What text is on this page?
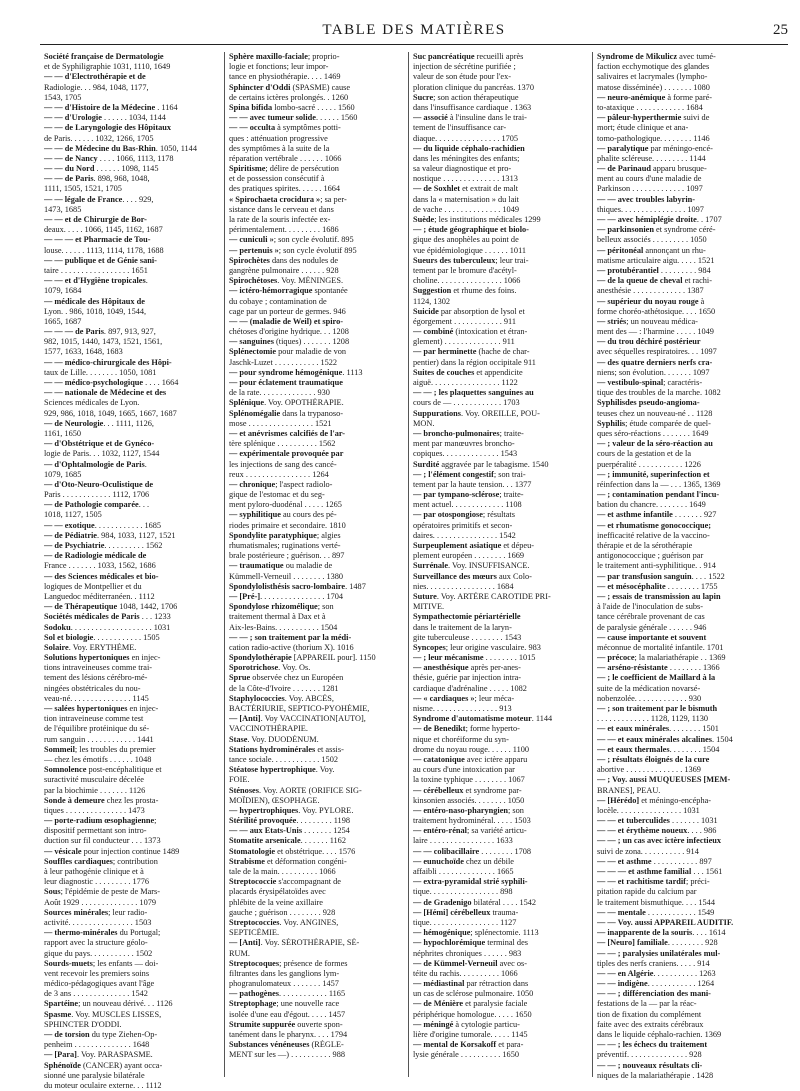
TABLE DES MATIÈRES	25
Société française de Dermatologie
et de Syphiligraphie 1031, 1110, 1649
— — d'Electrothérapie et de
Radiologie. . . 984, 1048, 1177,
1543, 1705
— — d'Histoire de la Médecine . 1164
— — d'Urologie . . . . . . 1034, 1144
— — de Laryngologie des Hôpitaux
de Paris. . . . . . 1032, 1266, 1705
— — de Médecine du Bas-Rhin. 1050, 1144
— — de Nancy . . . . 1066, 1113, 1178
— — du Nord . . . . . . 1098, 1145
— — de Paris. 898, 968, 1048,
1111, 1505, 1521, 1705
— — légale de France. . . . 929,
1473, 1685
— — et de Chirurgie de Bor-
deaux. . . . . 1066, 1145, 1162, 1687
— — — et Pharmacie de Tou-
louse. . . . . . 1113, 1114, 1178, 1688
— — publique et de Génie sani-
taire . . . . . . . . . . . . . . . . . 1651
— — et d'Hygiène tropicales.
1079, 1684
— médicale des Hôpitaux de
Lyon. . 986, 1018, 1049, 1544,
1665, 1687
— — — de Paris. 897, 913, 927,
982, 1015, 1440, 1473, 1521, 1561,
1577, 1633, 1648, 1683
— — médico-chirurgicale des Hôpi-
taux de Lille. . . . . . . . 1050, 1081
— — médico-psychologique . . . . 1664
— — nationale de Médecine et des
Sciences médicales de Lyon.
929, 986, 1018, 1049, 1665, 1667, 1687
— de Neurologie. . . 1111, 1126,
1161, 1650
— d'Obstétrique et de Gynéco-
logie de Paris. . . 1032, 1127, 1544
— d'Ophtalmologie de Paris.
1079, 1685
— d'Oto-Neuro-Oculistique de
Paris . . . . . . . . . . . . 1112, 1706
— de Pathologie comparée. . .
1018, 1127, 1505
— — exotique. . . . . . . . . . . . 1685
— de Pédiatrie. 984, 1033, 1127, 1521
— de Psychiatrie. . . . . . . . . . 1562
— de Radiologie médicale de
France . . . . . . . 1033, 1562, 1686
— des Sciences médicales et bio-
logiques de Montpellier et du
Languedoc méditerranéen. . 1112
— de Thérapeutique 1048, 1442, 1706
Sociétés médicales de Paris . . . 1233
Sodoku. . . . . . . . . . . . . . . . . . . . 1031
Sol et biologie. . . . . . . . . . . . 1505
Solaire. Voy. ERYTHÈME.
Solutions hypertoniques en injec-
tions intraveineuses comme trai-
tement des lésions cérébro-mé-
ningées obstétricales du nou-
veau-né. . . . . . . . . . . . . . . 1145
— salées hypertoniques en injec-
tion intraveineuse comme test
de l'équilibre protéinique du sé-
rum sanguin . . . . . . . . . . . . 1441
Sommeil; les troubles du premier
— chez les émotifs . . . . . . 1048
Somnolence post-encéphalitique et
suractivité musculaire décelée
par la biochimie . . . . . . . 1126
Sonde à demeure chez les prosta-
tiques . . . . . . . . . . . . . . . 1473
— porte-radium œsophagienne;
dispositif permettant son intro-
duction sur fil conducteur . . . 1373
— vésicale pour injection continue 1489
Souffles cardiaques; contribution
à leur pathogénie clinique et à
leur diagnostic . . . . . . . . . 1776
Sous; l'épidémie de peste de Mars-
Août 1929 . . . . . . . . . . . . . . 1079
Sources minérales; leur radio-
activité. . . . . . . . . . . . . . . . 1503
— thermo-minérales du Portugal;
rapport avec la structure géolo-
gique du pays. . . . . . . . . . . 1502
Sourds-muets; les enfants — doi-
vent recevoir les premiers soins
médico-pédagogiques avant l'âge
de 3 ans . . . . . . . . . . . . . . 1542
Spartéine; un nouveau dérivé. . . 1126
Spasme. Voy. MUSCLES LISSES,
SPHINCTER D'ODDI.
— de torsion du type Ziehen-Op-
penheim . . . . . . . . . . . . . . 1648
— [Para]. Voy. PARASPASME.
Sphénoïde (CANCER) ayant occa-
sionné une paralysie bilatérale
du moteur oculaire externe. . . 1112
Sphère maxillo-faciale; proprio-
logie et fonctions; leur impor-
tance en physiothérapie. . . . 1469
Sphincter d'Oddi (SPASME) cause
de certains ictères prolongés. . 1260
Spina bifida lombo-sacré . . . . . 1560
— — avec tumeur solide. . . . . . 1560
— — occulta à symptômes potti-
ques : atténuation progressive
des symptômes à la suite de la
réparation vertébrale . . . . . . 1066
Spiritisme; délire de persécution
et de possession consécutif à
des pratiques spirites. . . . . . 1664
« Spirochaeta crocidura »; sa per-
sistance dans le cerveau et dans
la rate de la souris infectée ex-
périmentalement. . . . . . . . . 1686
— cuniculi »; son cycle évolutif. 895
— pertenuis »; son cycle évolutif 895
Spirochètes dans des nodules de
gangrène pulmonaire . . . . . . 928
Spirochétoses. Voy. MÉNINGES.
— ictéro-hémorragique spontanée
du cobaye ; contamination de
cage par un porteur de germes. 946
— — (maladie de Weil) et spiro-
chétoses d'origine hydrique. . . 1208
— sanguines (tiques) . . . . . . . 1208
Splénectomie pour maladie de von
Jaschk-Luzet . . . . . . . . . . . 1522
— pour syndrome hémogénique. 1113
— pour éclatement traumatique
de la rate. . . . . . . . . . . . . . 930
Splénique. Voy. OPOTHÉRAPIE.
Splénomégalie dans la trypanoso-
mose . . . . . . . . . . . . . . . . 1521
— et anévrismes calcifiés de l'ar-
tère splénique . . . . . . . . . . 1562
— expérimentale provoquée par
les injections de sang des cancé-
reux . . . . . . . . . . . . . . . . 1264
— chronique; l'aspect radiolo-
gique de l'estomac et du seg-
ment pyloro-duodénal . . . . . 1265
— syphilitique au cours des pé-
riodes primaire et secondaire. 1810
Spondylite paratyphique; algies
rhumatismales; ruginations verté-
brale postérieure ; guérison. . . 897
— traumatique ou maladie de
Kümmell-Verneuil . . . . . . . . 1380
Spondylolisthésis sacro-lombaire. 1487
— [Pré-]. . . . . . . . . . . . . . . . 1704
Spondylose rhizomélique; son
traitement thermal à Dax et à
Aix-les-Bains. . . . . . . . . . . 1504
— — ; son traitement par la médi-
cation radio-active (thorium X). 1016
Spondylothérapie [APPAREIL pour]. 1150
Sporotrichose. Voy. Os.
Sprue observée chez un Européen
de la Côte-d'Ivoire . . . . . . . 1281
Staphylococcies. Voy. ABCÈS,
BACTÉRIURIE, SEPTICO-PYOHÉMIE,
— [Anti]. Voy VACCINATION[AUTO],
VACCINOTHÉRAPIE.
Stase. Voy. DUODÉNUM.
Stations hydrominérales et assis-
tance sociale. . . . . . . . . . . . 1502
Stéatose hypertrophique. Voy.
FOIE.
Sténoses. Voy. AORTE (ORIFICE SIG-
MOÏDIEN), ŒSOPHAGE.
— hypertrophiques. Voy. PYLORE.
Stérilité provoquée. . . . . . . . . 1198
— — aux Etats-Unis . . . . . . . 1254
Stomatite arsenicale. . . . . . . 1162
Stomatologie et obstétrique. . . . 1576
Strabisme et déformation congéni-
tale de la main. . . . . . . . . . 1066
Streptococcie s'accompagnant de
placards érysipélatoïdes avec
phlébite de la veine axillaire
gauche ; guérison . . . . . . . . 928
Streptococcies. Voy. ANGINES,
SEPTICÉMIE.
— [Anti]. Voy. SÉROTHÉRAPIE, SÉ-
RUM.
Streptocoques; présence de formes
filtrantes dans les ganglions lym-
phogranulomateux . . . . . . . 1457
— pathogènes. . . . . . . . . . . . 1165
Streptophage; une nouvelle race
isolée d'une eau d'égout. . . . . 1457
Strumite suppurée ouverte spon-
tanément dans le pharynx. . . . 1794
Substances vénéneuses (RÉGLE-
MENT sur les —) . . . . . . . . . . 988
Suc pancréatique recueilli après
injection de sécrétine purifiée ;
valeur de son étude pour l'ex-
ploration clinique du pancréas. 1370
Sucre; son action thérapeutique
dans l'insuffisance cardiaque . 1363
— associé à l'insuline dans le trai-
tement de l'insuffisance car-
diaque. . . . . . . . . . . . . . . . 1705
— du liquide céphalo-rachidien
dans les méningites des enfants;
sa valeur diagnostique et pro-
nostique . . . . . . . . . . . . . . 1313
— de Soxhlet et extrait de malt
dans la « maternisation » du lait
de vache . . . . . . . . . . . . . . 1049
Suède; les institutions médicales 1299
— ; étude géographique et biolo-
gique des anophèles au point de
vue épidémiologique . . . . . . 1011
Sueurs des tuberculeux; leur trai-
tement par le bromure d'acétyl-
choline. . . . . . . . . . . . . . . . 1066
Suggestion et rhume des foins.
1124, 1302
Suicide par absorption de lysol et
égorgement . . . . . . . . . . . . 911
— combiné (intoxication et étran-
glement) . . . . . . . . . . . . . . 911
— par herminette (hache de char-
pentier) dans la région occipitale 911
Suites de couches et appendicite
aiguë. . . . . . . . . . . . . . . . . 1122
— — ; les plaquettes sanguines au
cours de — . . . . . . . . . . . . 1703
Suppurations. Voy. OREILLE, POU-
MON.
— broncho-pulmonaires; traite-
ment par manœuvres broncho-
copiques. . . . . . . . . . . . . . 1543
Surdité aggravée par le tabagisme. 1540
— ; l'élément congestif; son trai-
tement par la haute tension. . . 1377
— par tympano-sclérose; traite-
ment actuel. . . . . . . . . . . . . 1108
— par otospongiose; résultats
opératoires primitifs et secon-
daires. . . . . . . . . . . . . . . . 1542
Surpeuplement asiatique et dépeu-
plement européen . . . . . . . . 1669
Surrénale. Voy. INSUFFISANCE.
Surveillance des mœurs aux Colo-
nies. . . . . . . . . . . . . . . . . 1684
Suture. Voy. ARTÈRE CAROTIDE PRI-
MITIVE.
Sympathectomie périartérielle
dans le traitement de la laryn-
gite tuberculeuse . . . . . . . . 1543
Syncopes; leur origine vasculaire. 983
— ; leur mécanisme . . . . . . . . 1015
— anesthésique après per-anes-
thésie, guérie par injection intra-
cardiaque d'adrénaline . . . . . 1082
— « cardiaques »; leur méca-
nisme. . . . . . . . . . . . . . . . 913
Syndrome d'automatisme moteur. 1144
— de Benedikt; forme hyperto-
nique et choréiforme du syn-
drome du noyau rouge. . . . . . 1100
— catatonique avec ictère apparu
au cours d'une intoxication par
la toxine typhique . . . . . . . . 1067
— cérébelleux et syndrome par-
kinsonien associés. . . . . . . . 1050
— entéro-naso-pharyngien; son
traitement hydrominéral. . . . . 1503
— entéro-rénal; sa variété articu-
laire . . . . . . . . . . . . . . . . 1633
— — colibacillaire . . . . . . . . 1708
— eunuchoïde chez un débile
affaibli . . . . . . . . . . . . . . 1665
— extra-pyramidal strié syphili-
tique. . . . . . . . . . . . . . . . . 898
— de Gradenigo bilatéral . . . . 1542
— [Hémi] cérébelleux trauma-
tique. . . . . . . . . . . . . . . . . 1127
— hémogénique; splénectomie. 1113
— hypochlorémique terminal des
néphrites chroniques . . . . . . 983
— de Kümmel-Verneuil avec os-
téite du rachis. . . . . . . . . . 1066
— médiastinal par rétraction dans
un cas de sclérose pulmonaire. 1050
— de Ménière et paralysie faciale
périphérique homologue. . . . . 1650
— méningé à cytologie particu-
lière d'origine tumorale. . . . . 1145
— mental de Korsakoff et para-
lysie générale . . . . . . . . . . 1650
Syndrome de Mikulicz avec tumé-
faction ecchymotique des glandes
salivaires et lacrymales (lympho-
matose disséminée) . . . . . . . 1080
— neuro-anémique à forme paré-
to-ataxique . . . . . . . . . . . . 1684
— pâleur-hyperthermie suivi de
mort; étude clinique et ana-
tomo-pathologique. . . . . . . . 1146
— paralytique par méningo-encé-
phalite scléreuse. . . . . . . . . 1144
— de Parinaud apparu brusque-
ment au cours d'une maladie de
Parkinson . . . . . . . . . . . . . 1097
— — avec troubles labyrin-
thiques. . . . . . . . . . . . . . . . 1097
— — avec hémiplégie droite. . 1707
— parkinsonien et syndrome céré-
belleux associés . . . . . . . . . 1050
— péritonéal annonçant un rhu-
matisme articulaire aigu. . . . . 1521
— protubérantiel . . . . . . . . . 984
— de la queue de cheval et rachi-
anesthésie . . . . . . . . . . . . . 1387
— supérieur du noyau rouge à
forme choréo-athétosique. . . . 1650
— striés; un nouveau médica-
ment des — : l'harmine . . . . . 1049
— du trou déchiré postérieur
avec séquelles respiratoires. . . 1097
— des quatre derniers nerfs cra-
niens; son évolution. . . . . . . 1097
— vestibulo-spinal; caractéris-
tique des troubles de la marche. 1082
Syphilisdes pseudo-angioma-
teuses chez un nouveau-né . . 1128
Syphilis; étude comparée de quel-
ques séro-réactions . . . . . . . 1649
— ; valeur de la séro-réaction au
cours de la gestation et de la
puerpéralité . . . . . . . . . . . 1226
— ; immunité, superinfection et
réinfection dans la — . . . 1365, 1369
— ; contamination pendant l'incu-
bation du chancre. . . . . . . . 1649
— et asthme infantile . . . . . . . 927
— et rhumatisme gonococcique;
inefficacité relative de la vaccino-
thérapie et de la sérothérapie
antigonococcique ; guérison par
le traitement anti-syphilitique. . 914
— par transfusion sanguin. . . . 1522
— et mésocéphalite . . . . . . . . 1755
— ; essais de transmission au lapin
à l'aide de l'inoculation de subs-
tance cérébrale provenant de cas
de paralysie générale . . . . . . 946
— cause importante et souvent
méconnue de mortalité infantile. 1701
— précoce; la malariathérapie . . 1369
— arséno-résistante . . . . . . . . 1366
— ; le coefficient de Maillard à la
suite de la médication novarsé-
nobenzolée. . . . . . . . . . . . . 930
— ; son traitement par le bismuth
. . . . . . . . . . . . . 1128, 1129, 1130
— et eaux minérales. . . . . . . . 1501
— — et eaux minérales alcalines. 1504
— et eaux thermales. . . . . . . . 1504
— ; résultats éloignés de la cure
abortive . . . . . . . . . . . . . . 1369
— ; Voy. aussi MUQUEUSES [MEM-
BRANES], PEAU.
— [Hérédo] et méningo-encépha-
locèle. . . . . . . . . . . . . . . . 1031
— — et tuberculides . . . . . . . 1031
— — et érythème noueux. . . . 986
— — ; un cas avec ictère infectieux
suivi de zona. . . . . . . . . . . 914
— — et asthme . . . . . . . . . . . 897
— — — et asthme familial . . . 1561
— — et rachitisme tardif; préci-
pitation rapide du calcium par
le traitement bismuthique. . . . 1544
— — mentale . . . . . . . . . . . . 1549
— — Voy. aussi APPAREIL AUDITIF.
— inapparente de la souris. . . . 1614
— [Neuro] familiale. . . . . . . . . 928
— — ; paralysies unilatérales mul-
tiples des nerfs craniens. . . . . 914
— — en Algérie. . . . . . . . . . . 1263
— — indigène. . . . . . . . . . . . 1264
— — ; différenciation des mani-
festations de la — par la réac-
tion de fixation du complément
faite avec des extraits cérébraux
dans le liquide céphalo-rachien. 1369
— — ; les échecs du traitement
préventif. . . . . . . . . . . . . . . 928
— — ; nouveaux résultats cli-
niques de la malariathérapie . 1428
